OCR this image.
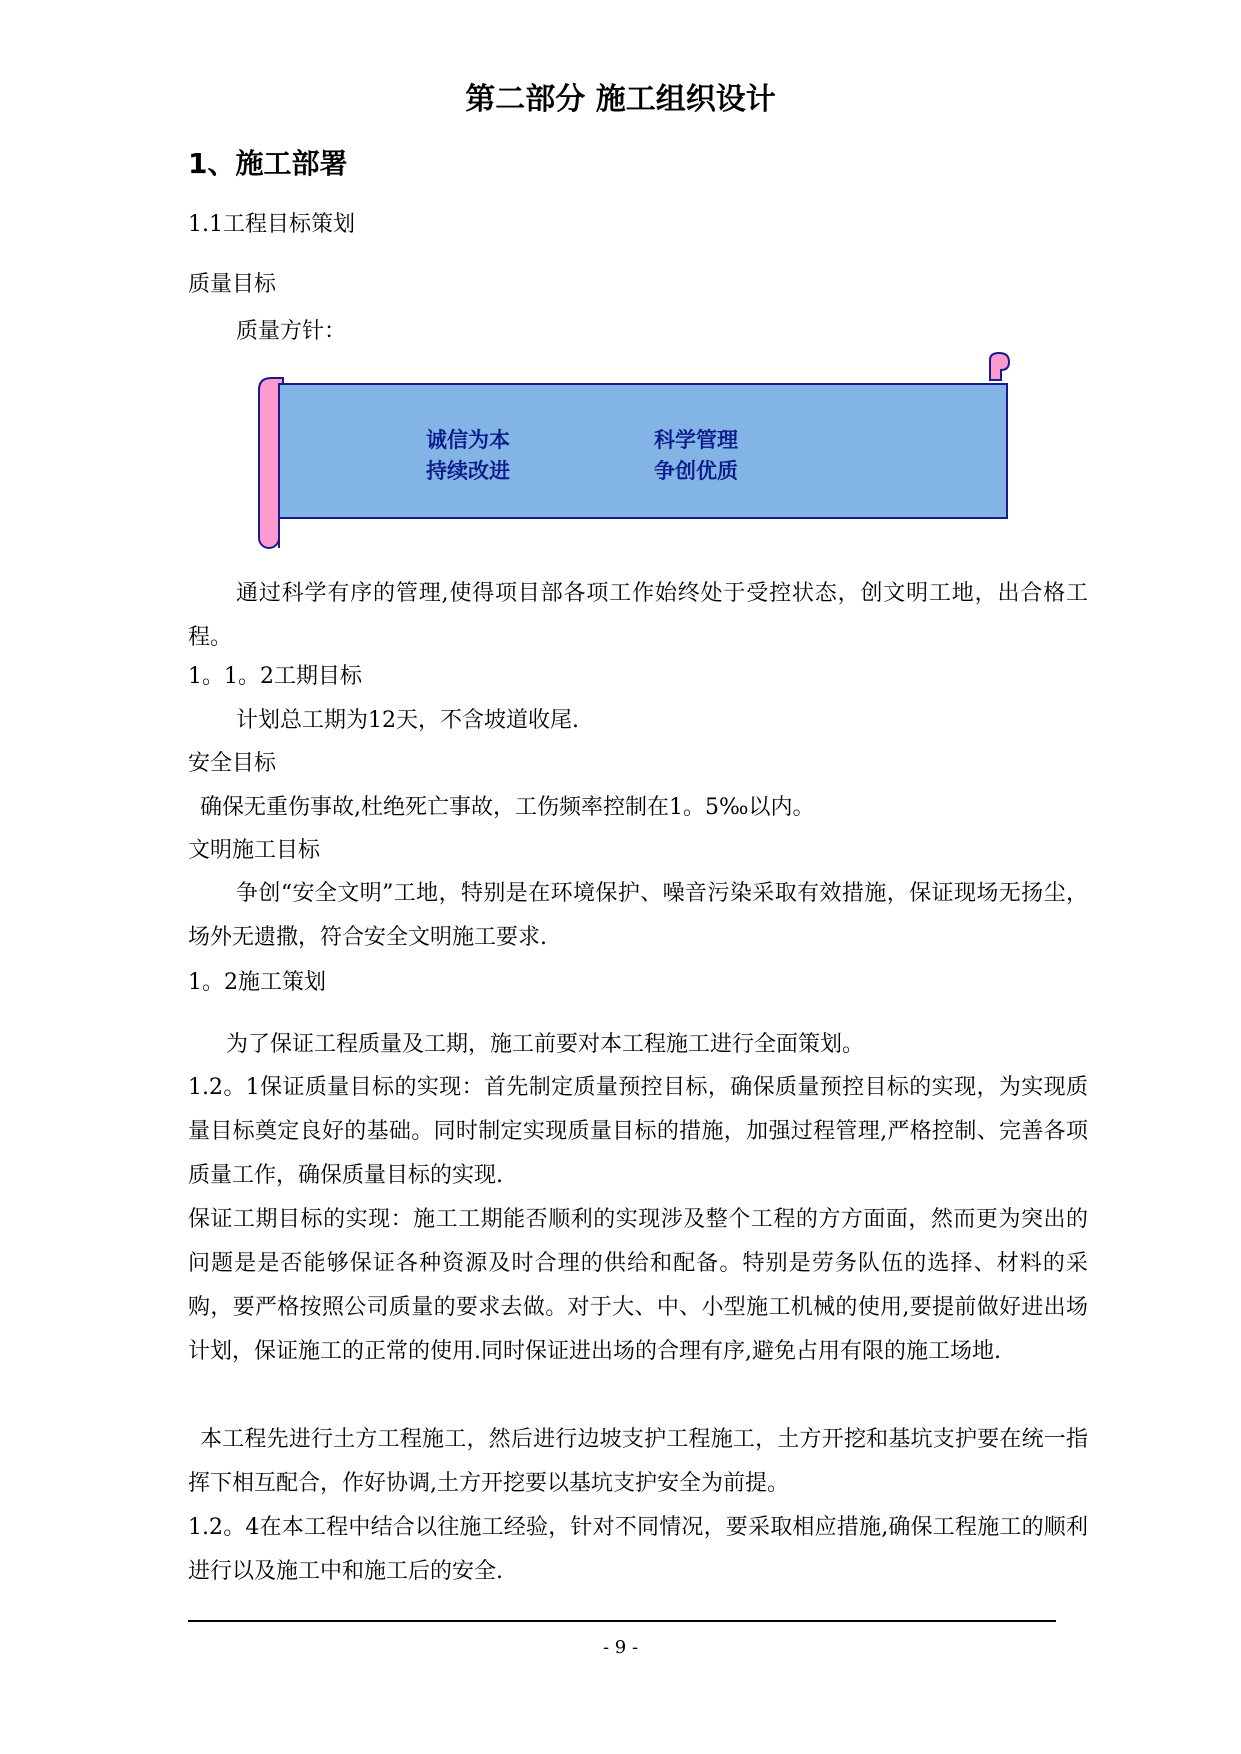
第二部分 施工组织设计
1、施工部署
1.1工程目标策划
质量目标
质量方针：
诚信为本	科学管理
持续改进	争创优质
通过科学有序的管理,使得项目部各项工作始终处于受控状态，创文明工地，出合格工程。
1。1。2工期目标
计划总工期为12天，不含坡道收尾.
安全目标
确保无重伤事故,杜绝死亡事故，工伤频率控制在1。5‰以内。
文明施工目标
争创“安全文明”工地，特别是在环境保护、噪音污染采取有效措施，保证现场无扬尘，场外无遗撒，符合安全文明施工要求.
1。2施工策划
为了保证工程质量及工期，施工前要对本工程施工进行全面策划。
1.2。1保证质量目标的实现：首先制定质量预控目标，确保质量预控目标的实现，为实现质量目标奠定良好的基础。同时制定实现质量目标的措施，加强过程管理,严格控制、完善各项质量工作，确保质量目标的实现.
保证工期目标的实现：施工工期能否顺利的实现涉及整个工程的方方面面，然而更为突出的问题是是否能够保证各种资源及时合理的供给和配备。特别是劳务队伍的选择、材料的采购，要严格按照公司质量的要求去做。对于大、中、小型施工机械的使用,要提前做好进出场计划，保证施工的正常的使用.同时保证进出场的合理有序,避免占用有限的施工场地.
本工程先进行土方工程施工，然后进行边坡支护工程施工，土方开挖和基坑支护要在统一指挥下相互配合，作好协调,土方开挖要以基坑支护安全为前提。
1.2。4在本工程中结合以往施工经验，针对不同情况，要采取相应措施,确保工程施工的顺利进行以及施工中和施工后的安全.
- 9 -
